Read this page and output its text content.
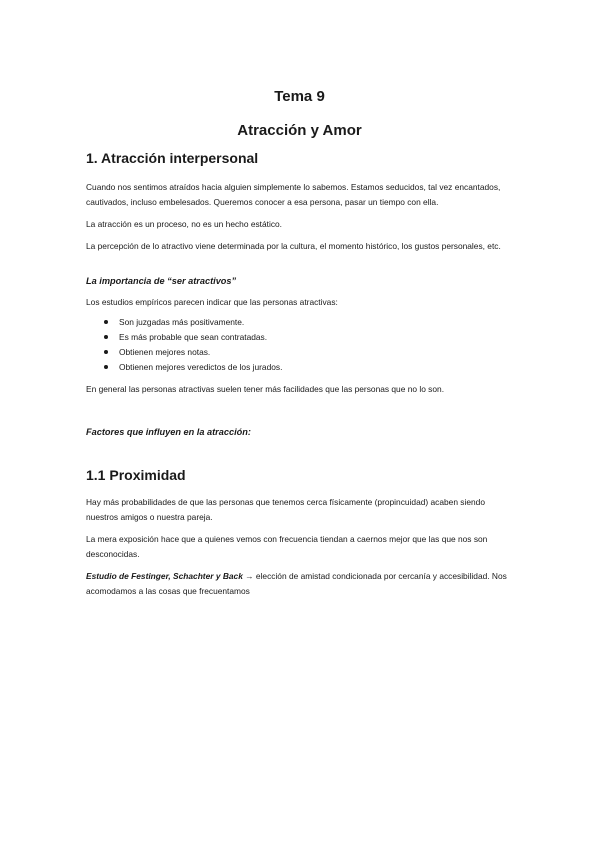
Tema 9
Atracción y Amor
1. Atracción interpersonal

Cuando nos sentimos atraídos hacia alguien simplemente lo sabemos. Estamos seducidos, tal vez encantados, cautivados, incluso embelesados. Queremos conocer a esa persona, pasar un tiempo con ella.

La atracción es un proceso, no es un hecho estático.

La percepción de lo atractivo viene determinada por la cultura, el momento histórico, los gustos personales, etc.

La importancia de “ser atractivos”

Los estudios empíricos parecen indicar que las personas atractivas:

Son juzgadas más positivamente.
Es más probable que sean contratadas.
Obtienen mejores notas.
Obtienen mejores veredictos de los jurados.

En general las personas atractivas suelen tener más facilidades que las personas que no lo son.

Factores que influyen en la atracción:
1.1 Proximidad

Hay más probabilidades de que las personas que tenemos cerca físicamente (propincuidad) acaben siendo nuestros amigos o nuestra pareja.

La mera exposición hace que a quienes vemos con frecuencia tiendan a caernos mejor que las que nos son desconocidas.

Estudio de Festinger, Schachter y Back → elección de amistad condicionada por cercanía y accesibilidad. Nos acomodamos a las cosas que frecuentamos
